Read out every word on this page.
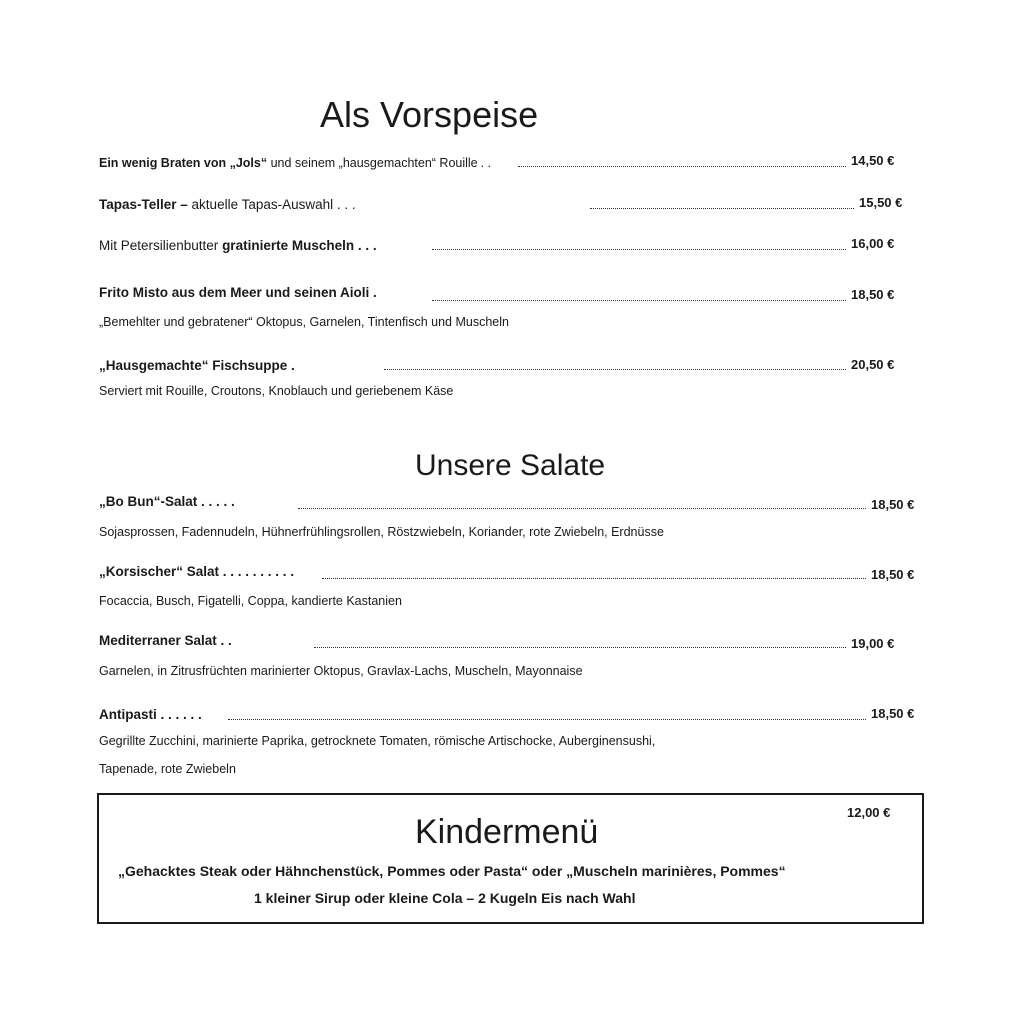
Als Vorspeise
Ein wenig Braten von „Jols“ und seinem „hausgemachten“ Rouille . .	14,50 €
Tapas-Teller – aktuelle Tapas-Auswahl . . .	15,50 €
Mit Petersilienbutter gratinierte Muscheln . . .	16,00 €
Frito Misto aus dem Meer und seinen Aioli .	18,50 €
„Bemehlter und gebratener“ Oktopus, Garnelen, Tintenfisch und Muscheln
„Hausgemachte“ Fischsuppe .	20,50 €
Serviert mit Rouille, Croutons, Knoblauch und geriebenem Käse
Unsere Salate
„Bo Bun“-Salat . . . . .	18,50 €
Sojasprossen, Fadennudeln, Hühnerfrühlingsrollen, Röstzwiebeln, Koriander, rote Zwiebeln, Erdnüsse
„Korsischer“ Salat . . . . . . . . . .	18,50 €
Focaccia, Busch, Figatelli, Coppa, kandierte Kastanien
Mediterraner Salat . .	19,00 €
Garnelen, in Zitrusfrüchten marinierter Oktopus, Gravlax-Lachs, Muscheln, Mayonnaise
Antipasti . . . . . .	18,50 €
Gegrillte Zucchini, marinierte Paprika, getrocknete Tomaten, römische Artischocke, Auberginensushi,
Tapenade, rote Zwiebeln
12,00 €
Kindermenü
„Gehacktes Steak oder Hähnchenstück, Pommes oder Pasta“ oder „Muscheln marinières, Pommes“
1 kleiner Sirup oder kleine Cola – 2 Kugeln Eis nach Wahl
